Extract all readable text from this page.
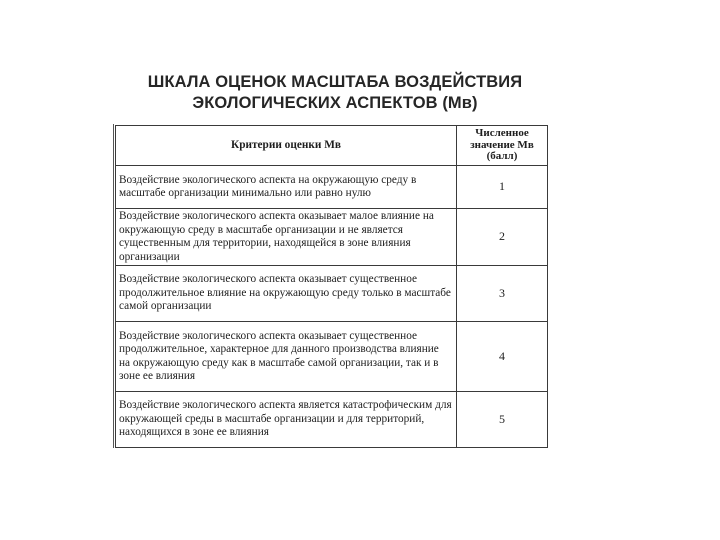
ШКАЛА ОЦЕНОК МАСШТАБА ВОЗДЕЙСТВИЯ
ЭКОЛОГИЧЕСКИХ АСПЕКТОВ (Мв)
Критерии оценки Мв	Численное значение Мв (балл)
Воздействие экологического аспекта на окружающую среду в масштабе организации минимально или равно нулю	1
Воздействие экологического аспекта оказывает малое влияние на окружающую среду в масштабе организации и не является существенным для территории, находящейся в зоне влияния организации	2
Воздействие экологического аспекта оказывает существенное продолжительное влияние на окружающую среду только в масштабе самой организации	3
Воздействие экологического аспекта оказывает существенное продолжительное, характерное для данного производства влияние на окружающую среду как в масштабе самой организации, так и в зоне ее влияния	4
Воздействие экологического аспекта является катастрофическим для окружающей среды в масштабе организации и для территорий, находящихся в зоне ее влияния	5
